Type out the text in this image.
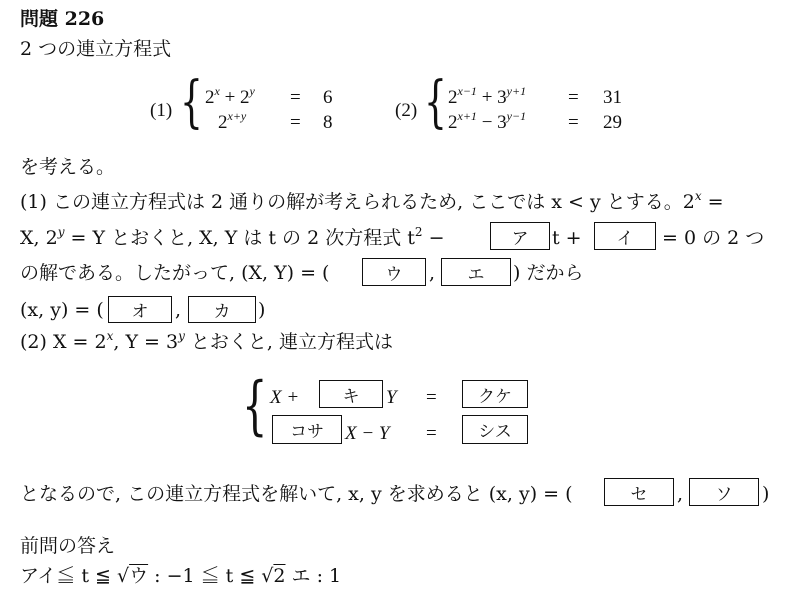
問題 226
2 つの連立方程式
(1) { $2^x + 2^y = 6$
$2^{x+y} = 8$
(2) { $2^{x-1} + 3^{y+1} = 31$
$2^{x+1} - 3^{y-1} = 29$
を考える。
(1) この連立方程式は 2 通りの解が考えられるため, ここでは x < y とする。$2^x$ =
X, $2^y = Y$ とおくと, X, Y は t の 2 次方程式 $t^2$ −	ア	t +	イ	= 0 の 2 つ
の解である。したがって, (X, Y) = (	ウ	,	エ	) だから
(x, y) = (	オ	,	カ	)
(2) $X = 2^x$, $Y = 3^y$ とおくと, 連立方程式は
{ X +	キ	Y =	クケ
コサ	X − Y =	シス
となるので, この連立方程式を解いて, x, y を求めると (x, y) = (	セ	,	ソ	)
前問の答え
アイ≦ t ≦ √ウ : −1 ≦ t ≦ √2 エ : 1
